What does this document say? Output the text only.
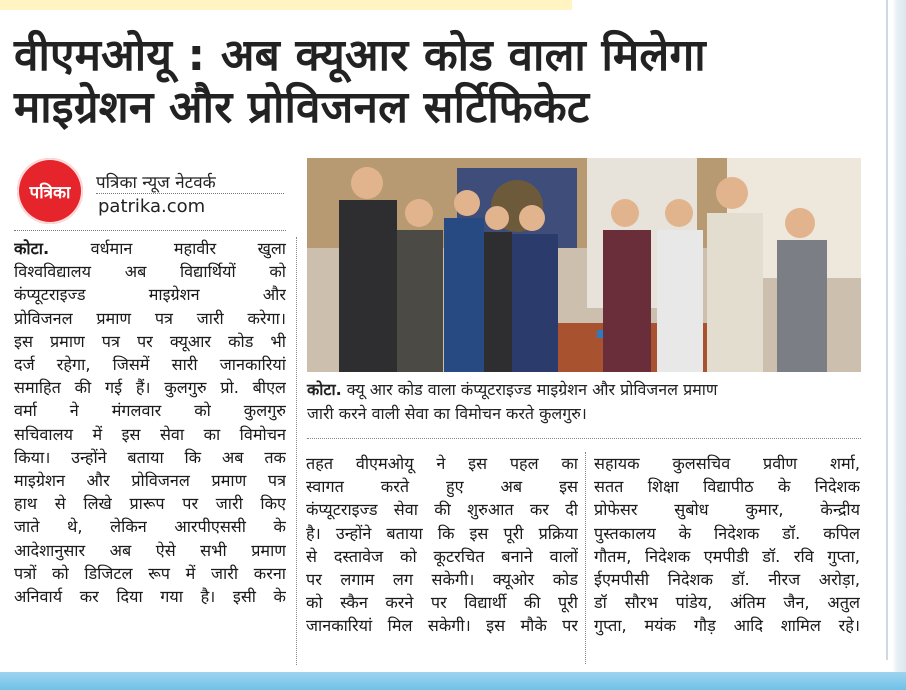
वीएमओयू : अब क्यूआर कोड वाला मिलेगा
माइग्रेशन और प्रोविजनल सर्टिफिकेट
पत्रिका पत्रिका न्यूज नेटवर्क
patrika.com
कोटा. वर्धमान महावीर खुला
विश्वविद्यालय अब विद्यार्थियों को
कंप्यूटराइज्ड माइग्रेशन और
प्रोविजनल प्रमाण पत्र जारी करेगा।
इस प्रमाण पत्र पर क्यूआर कोड भी
दर्ज रहेगा, जिसमें सारी जानकारियां
समाहित की गई हैं। कुलगुरु प्रो. बीएल
वर्मा ने मंगलवार को कुलगुरु
सचिवालय में इस सेवा का विमोचन
किया। उन्होंने बताया कि अब तक
माइग्रेशन और प्रोविजनल प्रमाण पत्र
हाथ से लिखे प्रारूप पर जारी किए
जाते थे, लेकिन आरपीएससी के
आदेशानुसार अब ऐसे सभी प्रमाण
पत्रों को डिजिटल रूप में जारी करना
अनिवार्य कर दिया गया है। इसी के
कोटा. क्यू आर कोड वाला कंप्यूटराइज्ड माइग्रेशन और प्रोविजनल प्रमाण
जारी करने वाली सेवा का विमोचन करते कुलगुरु।
तहत वीएमओयू ने इस पहल का
स्वागत करते हुए अब इस
कंप्यूटराइज्ड सेवा की शुरुआत कर दी
है। उन्होंने बताया कि इस पूरी प्रक्रिया
से दस्तावेज को कूटरचित बनाने वालों
पर लगाम लग सकेगी। क्यूओर कोड
को स्कैन करने पर विद्यार्थी की पूरी
जानकारियां मिल सकेगी। इस मौके पर
सहायक कुलसचिव प्रवीण शर्मा,
सतत शिक्षा विद्यापीठ के निदेशक
प्रोफेसर सुबोध कुमार, केन्द्रीय
पुस्तकालय के निदेशक डॉ. कपिल
गौतम, निदेशक एमपीडी डॉ. रवि गुप्ता,
ईएमपीसी निदेशक डॉ. नीरज अरोड़ा,
डॉ सौरभ पांडेय, अंतिम जैन, अतुल
गुप्ता, मयंक गौड़ आदि शामिल रहे।
